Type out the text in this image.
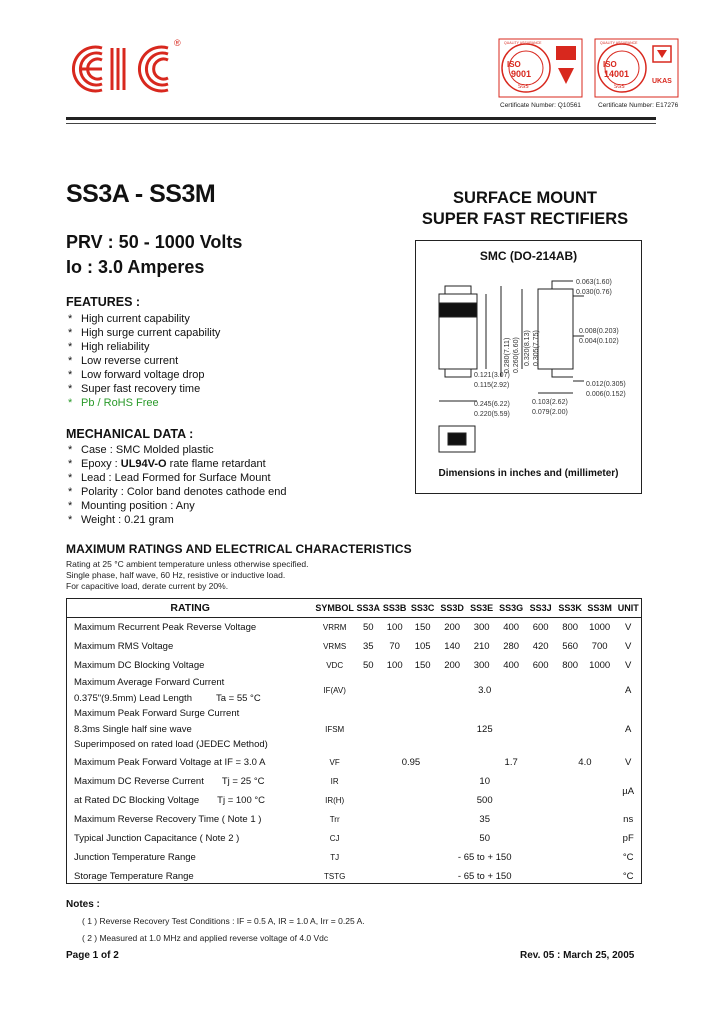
®
ISO
9001
SGS
QUALITY ASSURANCE
Certificate Number: Q10561
ISO
14001
SGS
QUALITY ASSURANCE
UKAS
Certificate Number: E17276
SS3A - SS3M
PRV : 50 - 1000 Volts
Io : 3.0 Amperes
SURFACE MOUNT
SUPER FAST RECTIFIERS
FEATURES :
* High current capability
* High surge current capability
* High reliability
* Low reverse current
* Low forward voltage drop
* Super fast recovery time
* Pb / RoHS Free
MECHANICAL DATA :
* Case : SMC Molded plastic
* Epoxy : UL94V-O rate flame retardant
* Lead : Lead Formed for Surface Mount
* Polarity : Color band denotes cathode end
* Mounting position : Any
* Weight : 0.21 gram
SMC (DO-214AB)
0.063(1.60)
0.030(0.76)
0.008(0.203)
0.004(0.102)
0.121(3.07)
0.115(2.92)
0.245(6.22)
0.220(5.59)
0.103(2.62)
0.079(2.00)
0.012(0.305)
0.006(0.152)
0.280(7.11) 0.260(6.60) 0.320(8.13) 0.305(7.75)
Dimensions in inches and (millimeter)
MAXIMUM RATINGS AND ELECTRICAL CHARACTERISTICS
Rating at 25 °C ambient temperature unless otherwise specified.
Single phase, half wave, 60 Hz, resistive or inductive load.
For capacitive load, derate current by 20%.
RATING	SYMBOL	SS3A	SS3B	SS3C	SS3D	SS3E	SS3G	SS3J	SS3K	SS3M	UNIT
Maximum Recurrent Peak Reverse Voltage	VRRM	50	100	150	200	300	400	600	800	1000	V
Maximum RMS Voltage	VRMS	35	70	105	140	210	280	420	560	700	V
Maximum DC Blocking Voltage	VDC	50	100	150	200	300	400	600	800	1000	V

Maximum Average Forward Current
0.375"(9.5mm) Lead Length Ta = 55 °C	IF(AV)	3.0									A

Maximum Peak Forward Surge Current
8.3ms Single half sine wave
Superimposed on rated load (JEDEC Method)	IFSM	125									A
Maximum Peak Forward Voltage at IF = 3.0 A	VF	0.95				1.7			4.0		V
Maximum DC Reverse Current Tj = 25 °C	IR	10									µA
at Rated DC Blocking Voltage Tj = 100 °C	IR(H)	500									
Maximum Reverse Recovery Time ( Note 1 )	Trr	35									ns
Typical Junction Capacitance ( Note 2 )	CJ	50									pF
Junction Temperature Range	TJ	- 65 to + 150									°C
Storage Temperature Range	TSTG	- 65 to + 150									°C
Notes :
( 1 ) Reverse Recovery Test Conditions : IF = 0.5 A, IR = 1.0 A, Irr = 0.25 A.
( 2 ) Measured at 1.0 MHz and applied reverse voltage of 4.0 Vdc
Page 1 of 2	Rev. 05 : March 25, 2005
